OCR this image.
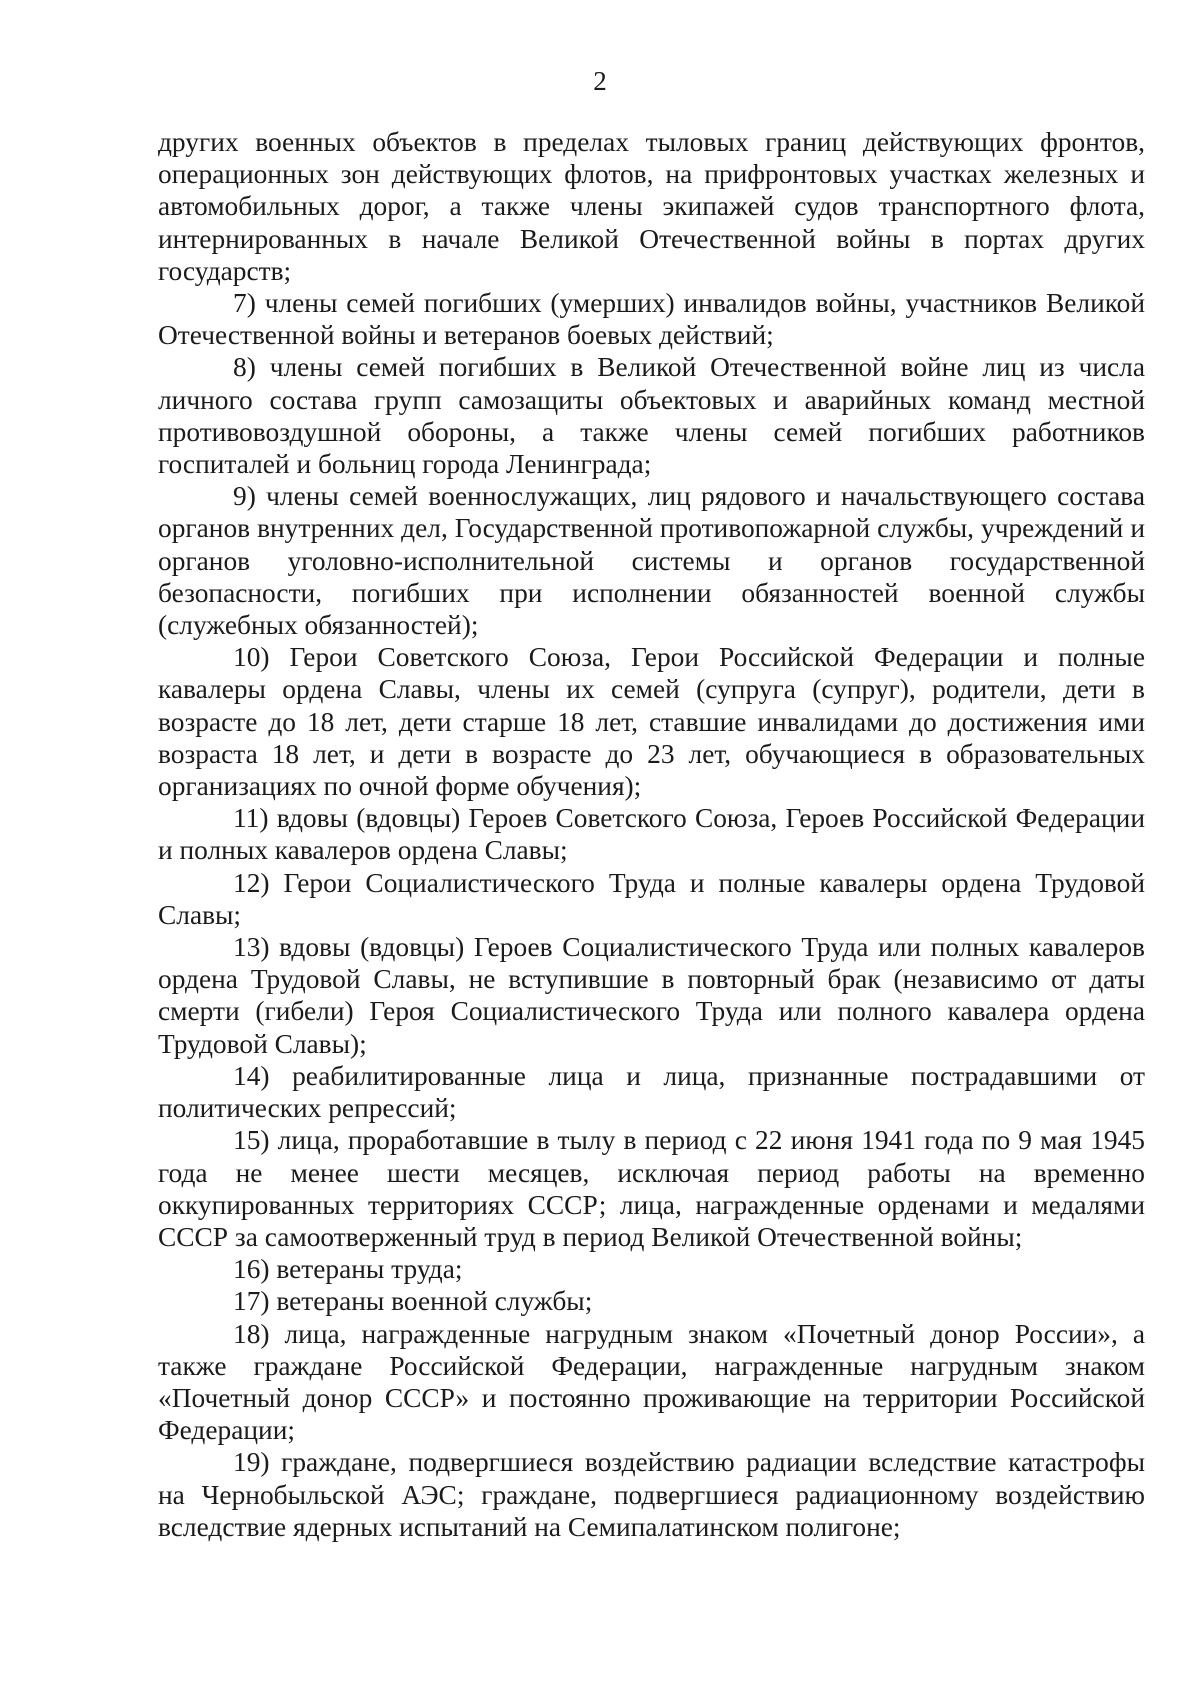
2

других военных объектов в пределах тыловых границ действующих фронтов, операционных зон действующих флотов, на прифронтовых участках железных и автомобильных дорог, а также члены экипажей судов транспортного флота, интернированных в начале Великой Отечественной войны в портах других государств;

7) члены семей погибших (умерших) инвалидов войны, участников Великой Отечественной войны и ветеранов боевых действий;

8) члены семей погибших в Великой Отечественной войне лиц из числа личного состава групп самозащиты объектовых и аварийных команд местной противовоздушной обороны, а также члены семей погибших работников госпиталей и больниц города Ленинграда;

9) члены семей военнослужащих, лиц рядового и начальствующего состава органов внутренних дел, Государственной противопожарной службы, учреждений и органов уголовно-исполнительной системы и органов государственной безопасности, погибших при исполнении обязанностей военной службы (служебных обязанностей);

10) Герои Советского Союза, Герои Российской Федерации и полные кавалеры ордена Славы, члены их семей (супруга (супруг), родители, дети в возрасте до 18 лет, дети старше 18 лет, ставшие инвалидами до достижения ими возраста 18 лет, и дети в возрасте до 23 лет, обучающиеся в образовательных организациях по очной форме обучения);

11) вдовы (вдовцы) Героев Советского Союза, Героев Российской Федерации и полных кавалеров ордена Славы;

12) Герои Социалистического Труда и полные кавалеры ордена Трудовой Славы;

13) вдовы (вдовцы) Героев Социалистического Труда или полных кавалеров ордена Трудовой Славы, не вступившие в повторный брак (независимо от даты смерти (гибели) Героя Социалистического Труда или полного кавалера ордена Трудовой Славы);

14) реабилитированные лица и лица, признанные пострадавшими от политических репрессий;

15) лица, проработавшие в тылу в период с 22 июня 1941 года по 9 мая 1945 года не менее шести месяцев, исключая период работы на временно оккупированных территориях СССР; лица, награжденные орденами и медалями СССР за самоотверженный труд в период Великой Отечественной войны;

16) ветераны труда;

17) ветераны военной службы;

18) лица, награжденные нагрудным знаком «Почетный донор России», а также граждане Российской Федерации, награжденные нагрудным знаком «Почетный донор СССР» и постоянно проживающие на территории Российской Федерации;

19) граждане, подвергшиеся воздействию радиации вследствие катастрофы на Чернобыльской АЭС; граждане, подвергшиеся радиационному воздействию вследствие ядерных испытаний на Семипалатинском полигоне;
